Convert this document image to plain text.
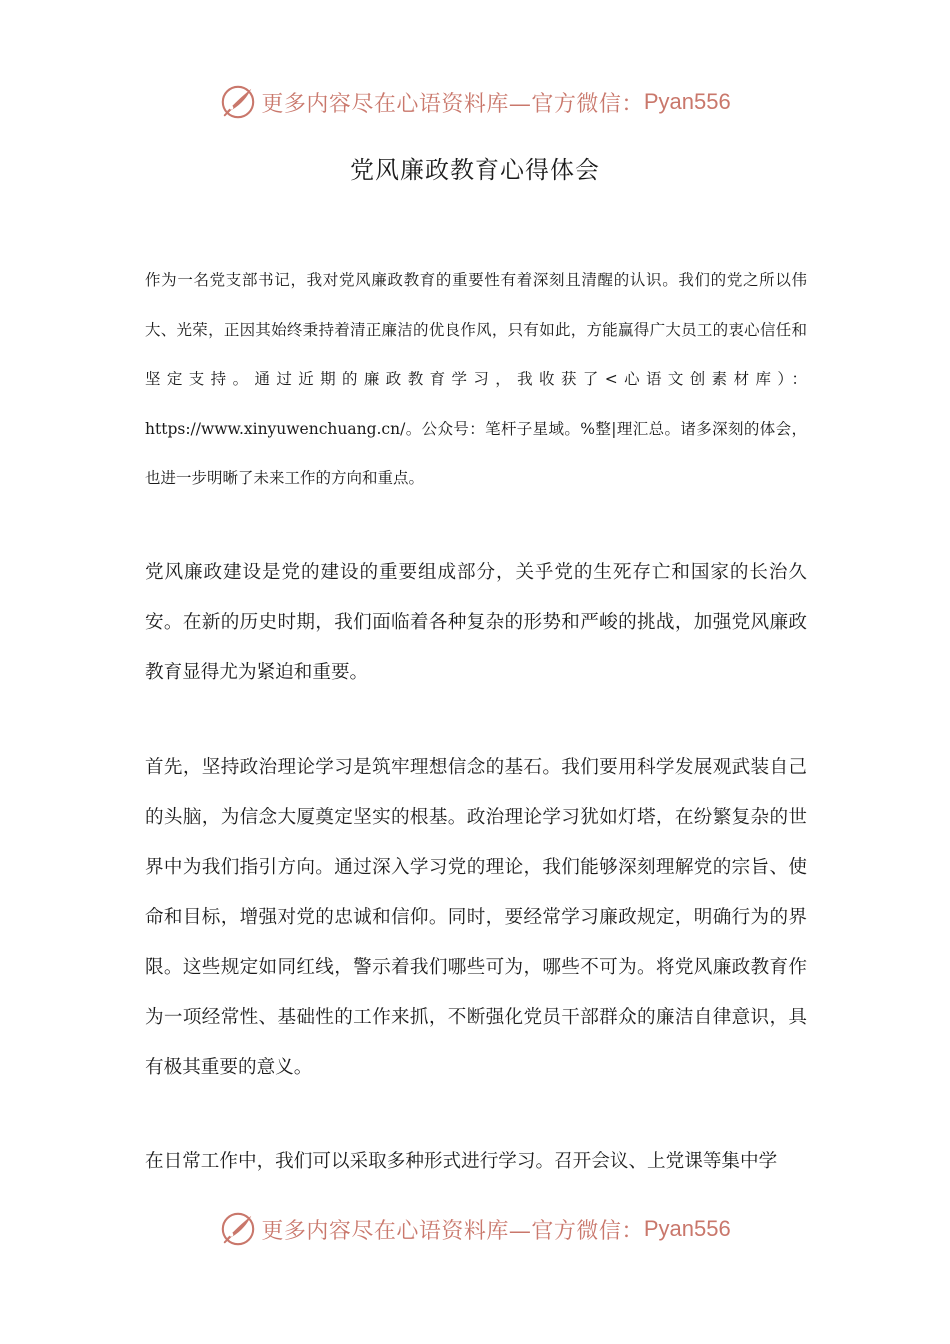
更多内容尽在心语资料库—官方微信： Pyan556
党风廉政教育心得体会

作为一名党支部书记，我对党风廉政教育的重要性有着深刻且清醒的认识。我们的党之所以伟大、光荣，正因其始终秉持着清正廉洁的优良作风，只有如此，方能赢得广大员工的衷心信任和坚定支持。通过近期的廉政教育学习，我收获了<心语文创素材库）：https://www.xinyuwenchuang.cn/。公众号：笔杆子星域。%整|理汇总。诸多深刻的体会，也进一步明晰了未来工作的方向和重点。

党风廉政建设是党的建设的重要组成部分，关乎党的生死存亡和国家的长治久安。在新的历史时期，我们面临着各种复杂的形势和严峻的挑战，加强党风廉政教育显得尤为紧迫和重要。

首先，坚持政治理论学习是筑牢理想信念的基石。我们要用科学发展观武装自己的头脑，为信念大厦奠定坚实的根基。政治理论学习犹如灯塔，在纷繁复杂的世界中为我们指引方向。通过深入学习党的理论，我们能够深刻理解党的宗旨、使命和目标，增强对党的忠诚和信仰。同时，要经常学习廉政规定，明确行为的界限。这些规定如同红线，警示着我们哪些可为，哪些不可为。将党风廉政教育作为一项经常性、基础性的工作来抓，不断强化党员干部群众的廉洁自律意识，具有极其重要的意义。

在日常工作中，我们可以采取多种形式进行学习。召开会议、上党课等集中学

更多内容尽在心语资料库—官方微信： Pyan556
